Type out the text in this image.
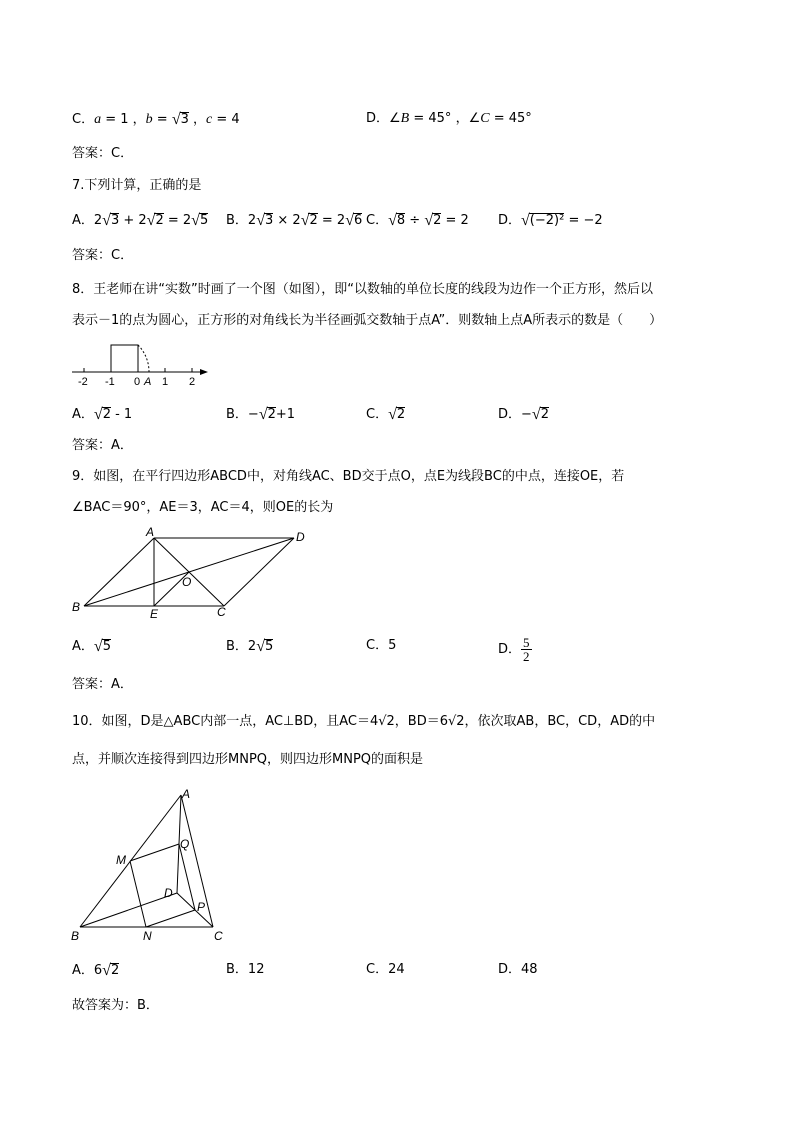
C．a = 1 ，b = √3 ，c = 4	D．∠B = 45° ，∠C = 45°
答案：C．
7.下列计算，正确的是
A．2√3 + 2√2 = 2√5 B．2√3 × 2√2 = 2√6 C．√8 ÷ √2 = 2 D．√(−2)² = −2
答案：C．
8．王老师在讲“实数”时画了一个图（如图），即“以数轴的单位长度的线段为边作一个正方形，然后以
表示－1的点为圆心，正方形的对角线长为半径画弧交数轴于点A”．则数轴上点A所表示的数是（　　）
-2 -1 0 A 1 2
A．√2 - 1	B．−√2+1	C．√2	D．−√2
答案：A．
9．如图，在平行四边形ABCD中，对角线AC、BD交于点O，点E为线段BC的中点，连接OE，若
∠BAC＝90°，AE＝3，AC＝4，则OE的长为
A	D
O
B	E	C
A．√5	B．2√5	C．5	D． $\frac{5}{2}$
答案：A．
10．如图，D是△ABC内部一点，AC⊥BD，且AC＝4√2，BD＝6√2，依次取AB，BC，CD，AD的中
点，并顺次连接得到四边形MNPQ，则四边形MNPQ的面积是
A
Q
M
D
P
B	N	C
A．6√2	B．12	C．24	D．48
故答案为：B．
